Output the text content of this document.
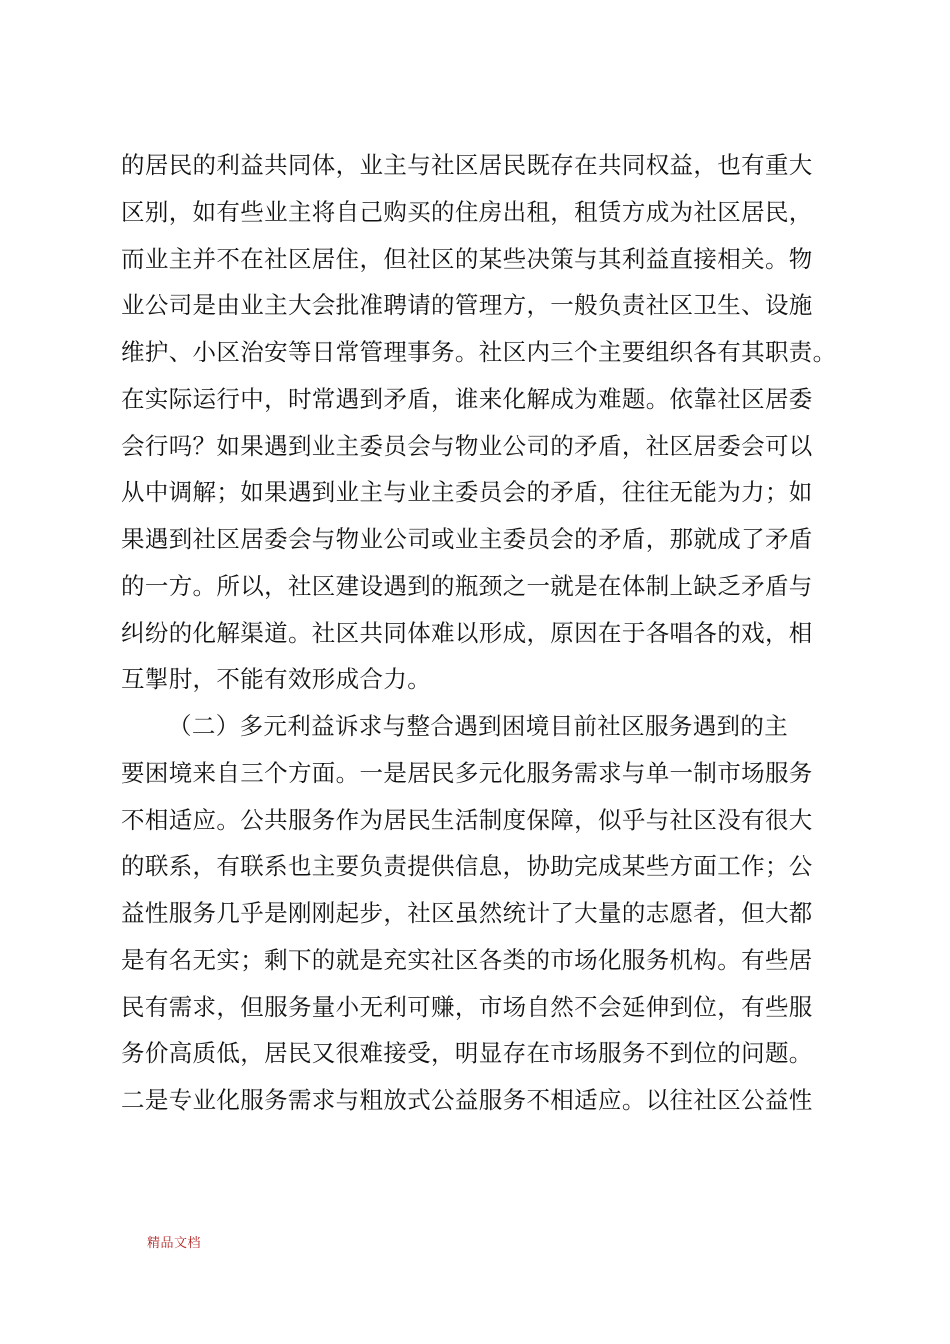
的居民的利益共同体，业主与社区居民既存在共同权益，也有重大
区别，如有些业主将自己购买的住房出租，租赁方成为社区居民，
而业主并不在社区居住，但社区的某些决策与其利益直接相关。物
业公司是由业主大会批准聘请的管理方，一般负责社区卫生、设施
维护、小区治安等日常管理事务。社区内三个主要组织各有其职责。
在实际运行中，时常遇到矛盾，谁来化解成为难题。依靠社区居委
会行吗？如果遇到业主委员会与物业公司的矛盾，社区居委会可以
从中调解；如果遇到业主与业主委员会的矛盾，往往无能为力；如
果遇到社区居委会与物业公司或业主委员会的矛盾，那就成了矛盾
的一方。所以，社区建设遇到的瓶颈之一就是在体制上缺乏矛盾与
纠纷的化解渠道。社区共同体难以形成，原因在于各唱各的戏，相
互掣肘，不能有效形成合力。
（二）多元利益诉求与整合遇到困境目前社区服务遇到的主
要困境来自三个方面。一是居民多元化服务需求与单一制市场服务
不相适应。公共服务作为居民生活制度保障，似乎与社区没有很大
的联系，有联系也主要负责提供信息，协助完成某些方面工作；公
益性服务几乎是刚刚起步，社区虽然统计了大量的志愿者，但大都
是有名无实；剩下的就是充实社区各类的市场化服务机构。有些居
民有需求，但服务量小无利可赚，市场自然不会延伸到位，有些服
务价高质低，居民又很难接受，明显存在市场服务不到位的问题。
二是专业化服务需求与粗放式公益服务不相适应。以往社区公益性
精品文档
